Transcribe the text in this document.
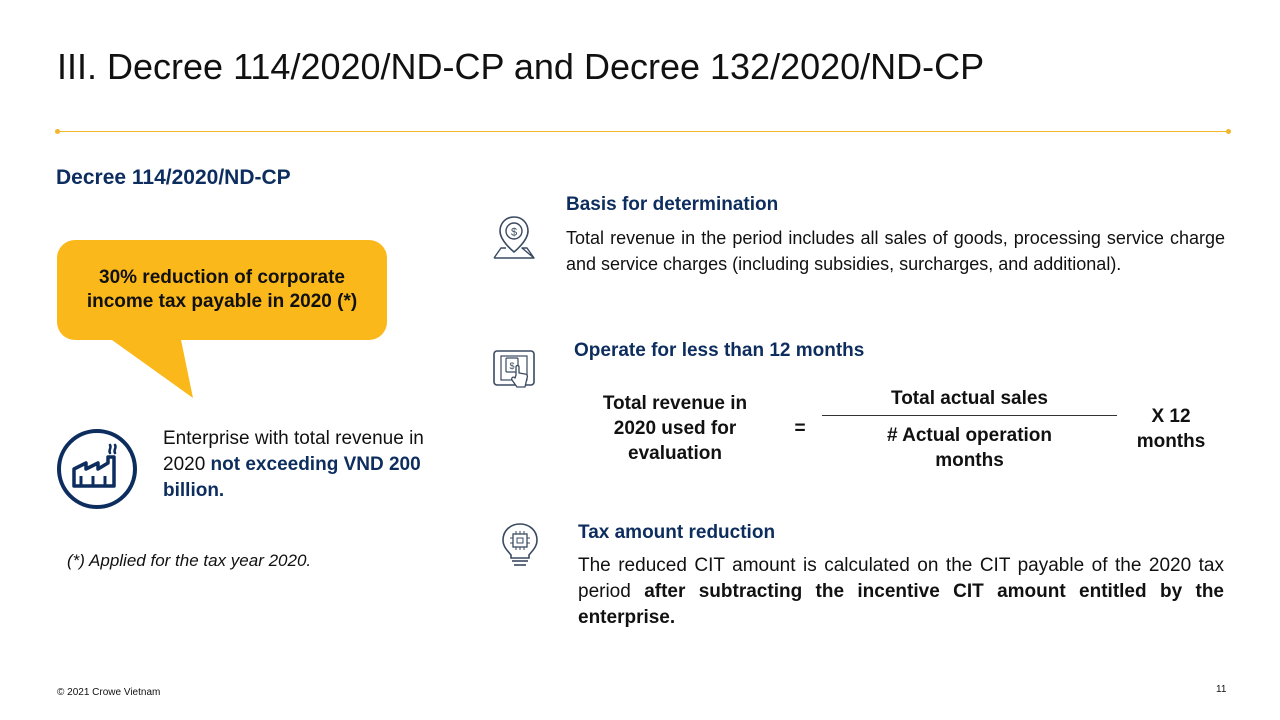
III. Decree 114/2020/ND-CP and Decree 132/2020/ND-CP
Decree 114/2020/ND-CP
30% reduction of corporate income tax payable in 2020 (*)
Enterprise with total revenue in 2020 not exceeding VND 200 billion.
(*) Applied for the tax year 2020.
$
Basis for determination
Total revenue in the period includes all sales of goods, processing service charge and service charges (including subsidies, surcharges, and additional).
$
Operate for less than 12 months
Total revenue in 2020 used for evaluation
=
Total actual sales
# Actual operation months
X 12 months
Tax amount reduction
The reduced CIT amount is calculated on the CIT payable of the 2020 tax period after subtracting the incentive CIT amount entitled by the enterprise.
© 2021 Crowe Vietnam	11
